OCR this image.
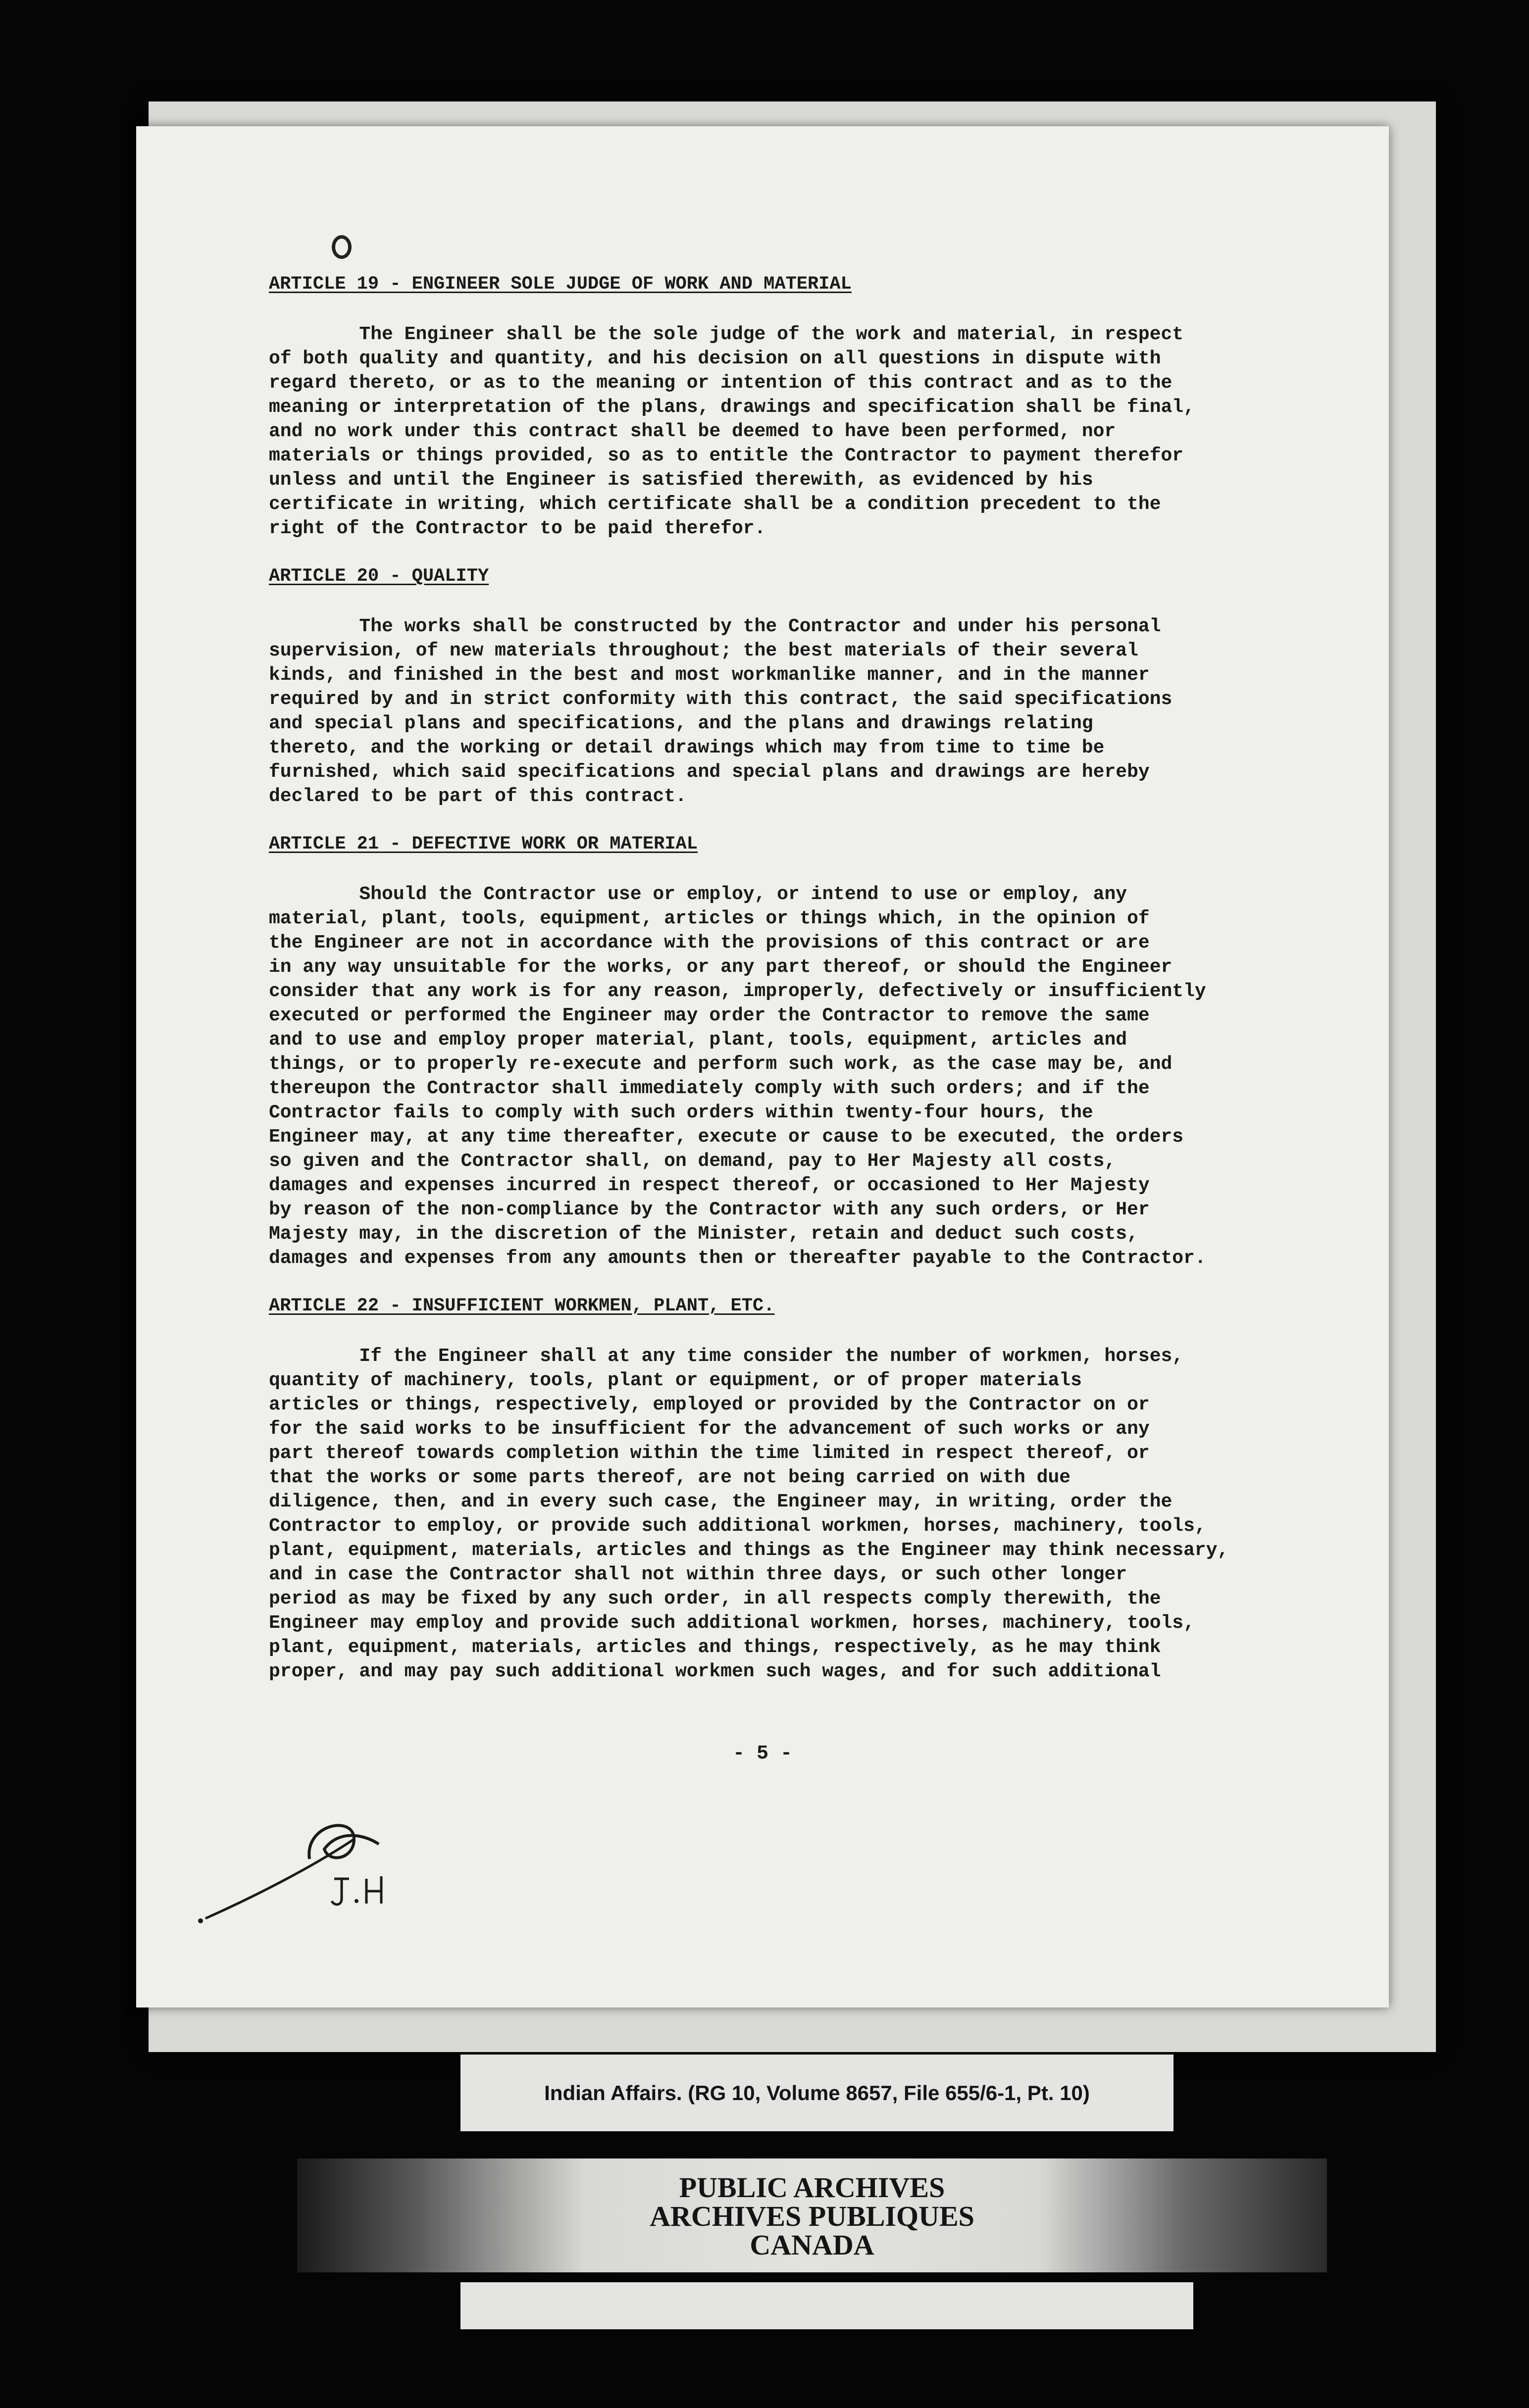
ARTICLE 19 - ENGINEER SOLE JUDGE OF WORK AND MATERIAL
The Engineer shall be the sole judge of the work and material, in respect
of both quality and quantity, and his decision on all questions in dispute with
regard thereto, or as to the meaning or intention of this contract and as to the
meaning or interpretation of the plans, drawings and specification shall be final,
and no work under this contract shall be deemed to have been performed, nor
materials or things provided, so as to entitle the Contractor to payment therefor
unless and until the Engineer is satisfied therewith, as evidenced by his
certificate in writing, which certificate shall be a condition precedent to the
right of the Contractor to be paid therefor.
ARTICLE 20 - QUALITY
The works shall be constructed by the Contractor and under his personal
supervision, of new materials throughout; the best materials of their several
kinds, and finished in the best and most workmanlike manner, and in the manner
required by and in strict conformity with this contract, the said specifications
and special plans and specifications, and the plans and drawings relating
thereto, and the working or detail drawings which may from time to time be
furnished, which said specifications and special plans and drawings are hereby
declared to be part of this contract.
ARTICLE 21 - DEFECTIVE WORK OR MATERIAL
Should the Contractor use or employ, or intend to use or employ, any
material, plant, tools, equipment, articles or things which, in the opinion of
the Engineer are not in accordance with the provisions of this contract or are
in any way unsuitable for the works, or any part thereof, or should the Engineer
consider that any work is for any reason, improperly, defectively or insufficiently
executed or performed the Engineer may order the Contractor to remove the same
and to use and employ proper material, plant, tools, equipment, articles and
things, or to properly re-execute and perform such work, as the case may be, and
thereupon the Contractor shall immediately comply with such orders; and if the
Contractor fails to comply with such orders within twenty-four hours, the
Engineer may, at any time thereafter, execute or cause to be executed, the orders
so given and the Contractor shall, on demand, pay to Her Majesty all costs,
damages and expenses incurred in respect thereof, or occasioned to Her Majesty
by reason of the non-compliance by the Contractor with any such orders, or Her
Majesty may, in the discretion of the Minister, retain and deduct such costs,
damages and expenses from any amounts then or thereafter payable to the Contractor.
ARTICLE 22 - INSUFFICIENT WORKMEN, PLANT, ETC.
If the Engineer shall at any time consider the number of workmen, horses,
quantity of machinery, tools, plant or equipment, or of proper materials
articles or things, respectively, employed or provided by the Contractor on or
for the said works to be insufficient for the advancement of such works or any
part thereof towards completion within the time limited in respect thereof, or
that the works or some parts thereof, are not being carried on with due
diligence, then, and in every such case, the Engineer may, in writing, order the
Contractor to employ, or provide such additional workmen, horses, machinery, tools,
plant, equipment, materials, articles and things as the Engineer may think necessary,
and in case the Contractor shall not within three days, or such other longer
period as may be fixed by any such order, in all respects comply therewith, the
Engineer may employ and provide such additional workmen, horses, machinery, tools,
plant, equipment, materials, articles and things, respectively, as he may think
proper, and may pay such additional workmen such wages, and for such additional
- 5 -
Indian Affairs. (RG 10, Volume 8657, File 655/6-1, Pt. 10)
PUBLIC ARCHIVES
ARCHIVES PUBLIQUES
CANADA
